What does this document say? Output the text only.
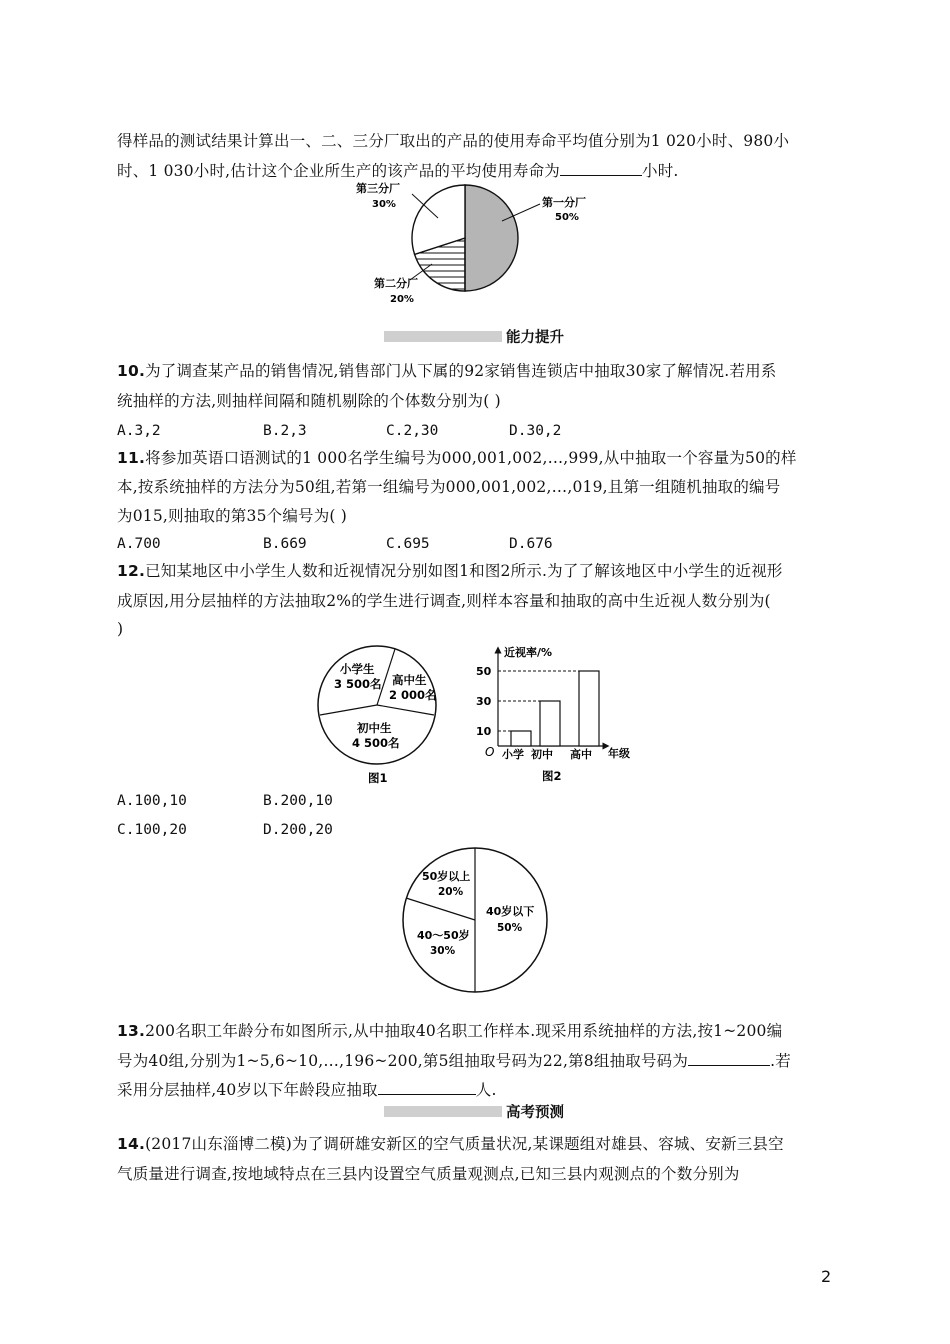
得样品的测试结果计算出一、二、三分厂取出的产品的使用寿命平均值分别为1 020小时、980小
时、1 030小时,估计这个企业所生产的该产品的平均使用寿命为	小时.
第一分厂
50%
第三分厂
30%
第二分厂
20%
能力提升
10.为了调查某产品的销售情况,销售部门从下属的92家销售连锁店中抽取30家了解情况.若用系
统抽样的方法,则抽样间隔和随机剔除的个体数分别为( )
A.3,2	B.2,3	C.2,30	D.30,2
11.将参加英语口语测试的1 000名学生编号为000,001,002,…,999,从中抽取一个容量为50的样
本,按系统抽样的方法分为50组,若第一组编号为000,001,002,…,019,且第一组随机抽取的编号
为015,则抽取的第35个编号为( )
A.700	B.669	C.695	D.676
12.已知某地区中小学生人数和近视情况分别如图1和图2所示.为了了解该地区中小学生的近视形
成原因,用分层抽样的方法抽取2%的学生进行调查,则样本容量和抽取的高中生近视人数分别为(
)
小学生
3 500名 高中生
2 000名
初中生
4 500名
图1
近视率/%
年级
O
10
小学
30
初中
50
高中
图2
A.100,10	B.200,10
C.100,20	D.200,20
40岁以下
50%
40～50岁
30%
50岁以上
20%
13.200名职工年龄分布如图所示,从中抽取40名职工作样本.现采用系统抽样的方法,按1~200编
号为40组,分别为1~5,6~10,…,196~200,第5组抽取号码为22,第8组抽取号码为	.若
采用分层抽样,40岁以下年龄段应抽取	人.
高考预测
14.(2017山东淄博二模)为了调研雄安新区的空气质量状况,某课题组对雄县、容城、安新三县空
气质量进行调查,按地域特点在三县内设置空气质量观测点,已知三县内观测点的个数分别为
2
